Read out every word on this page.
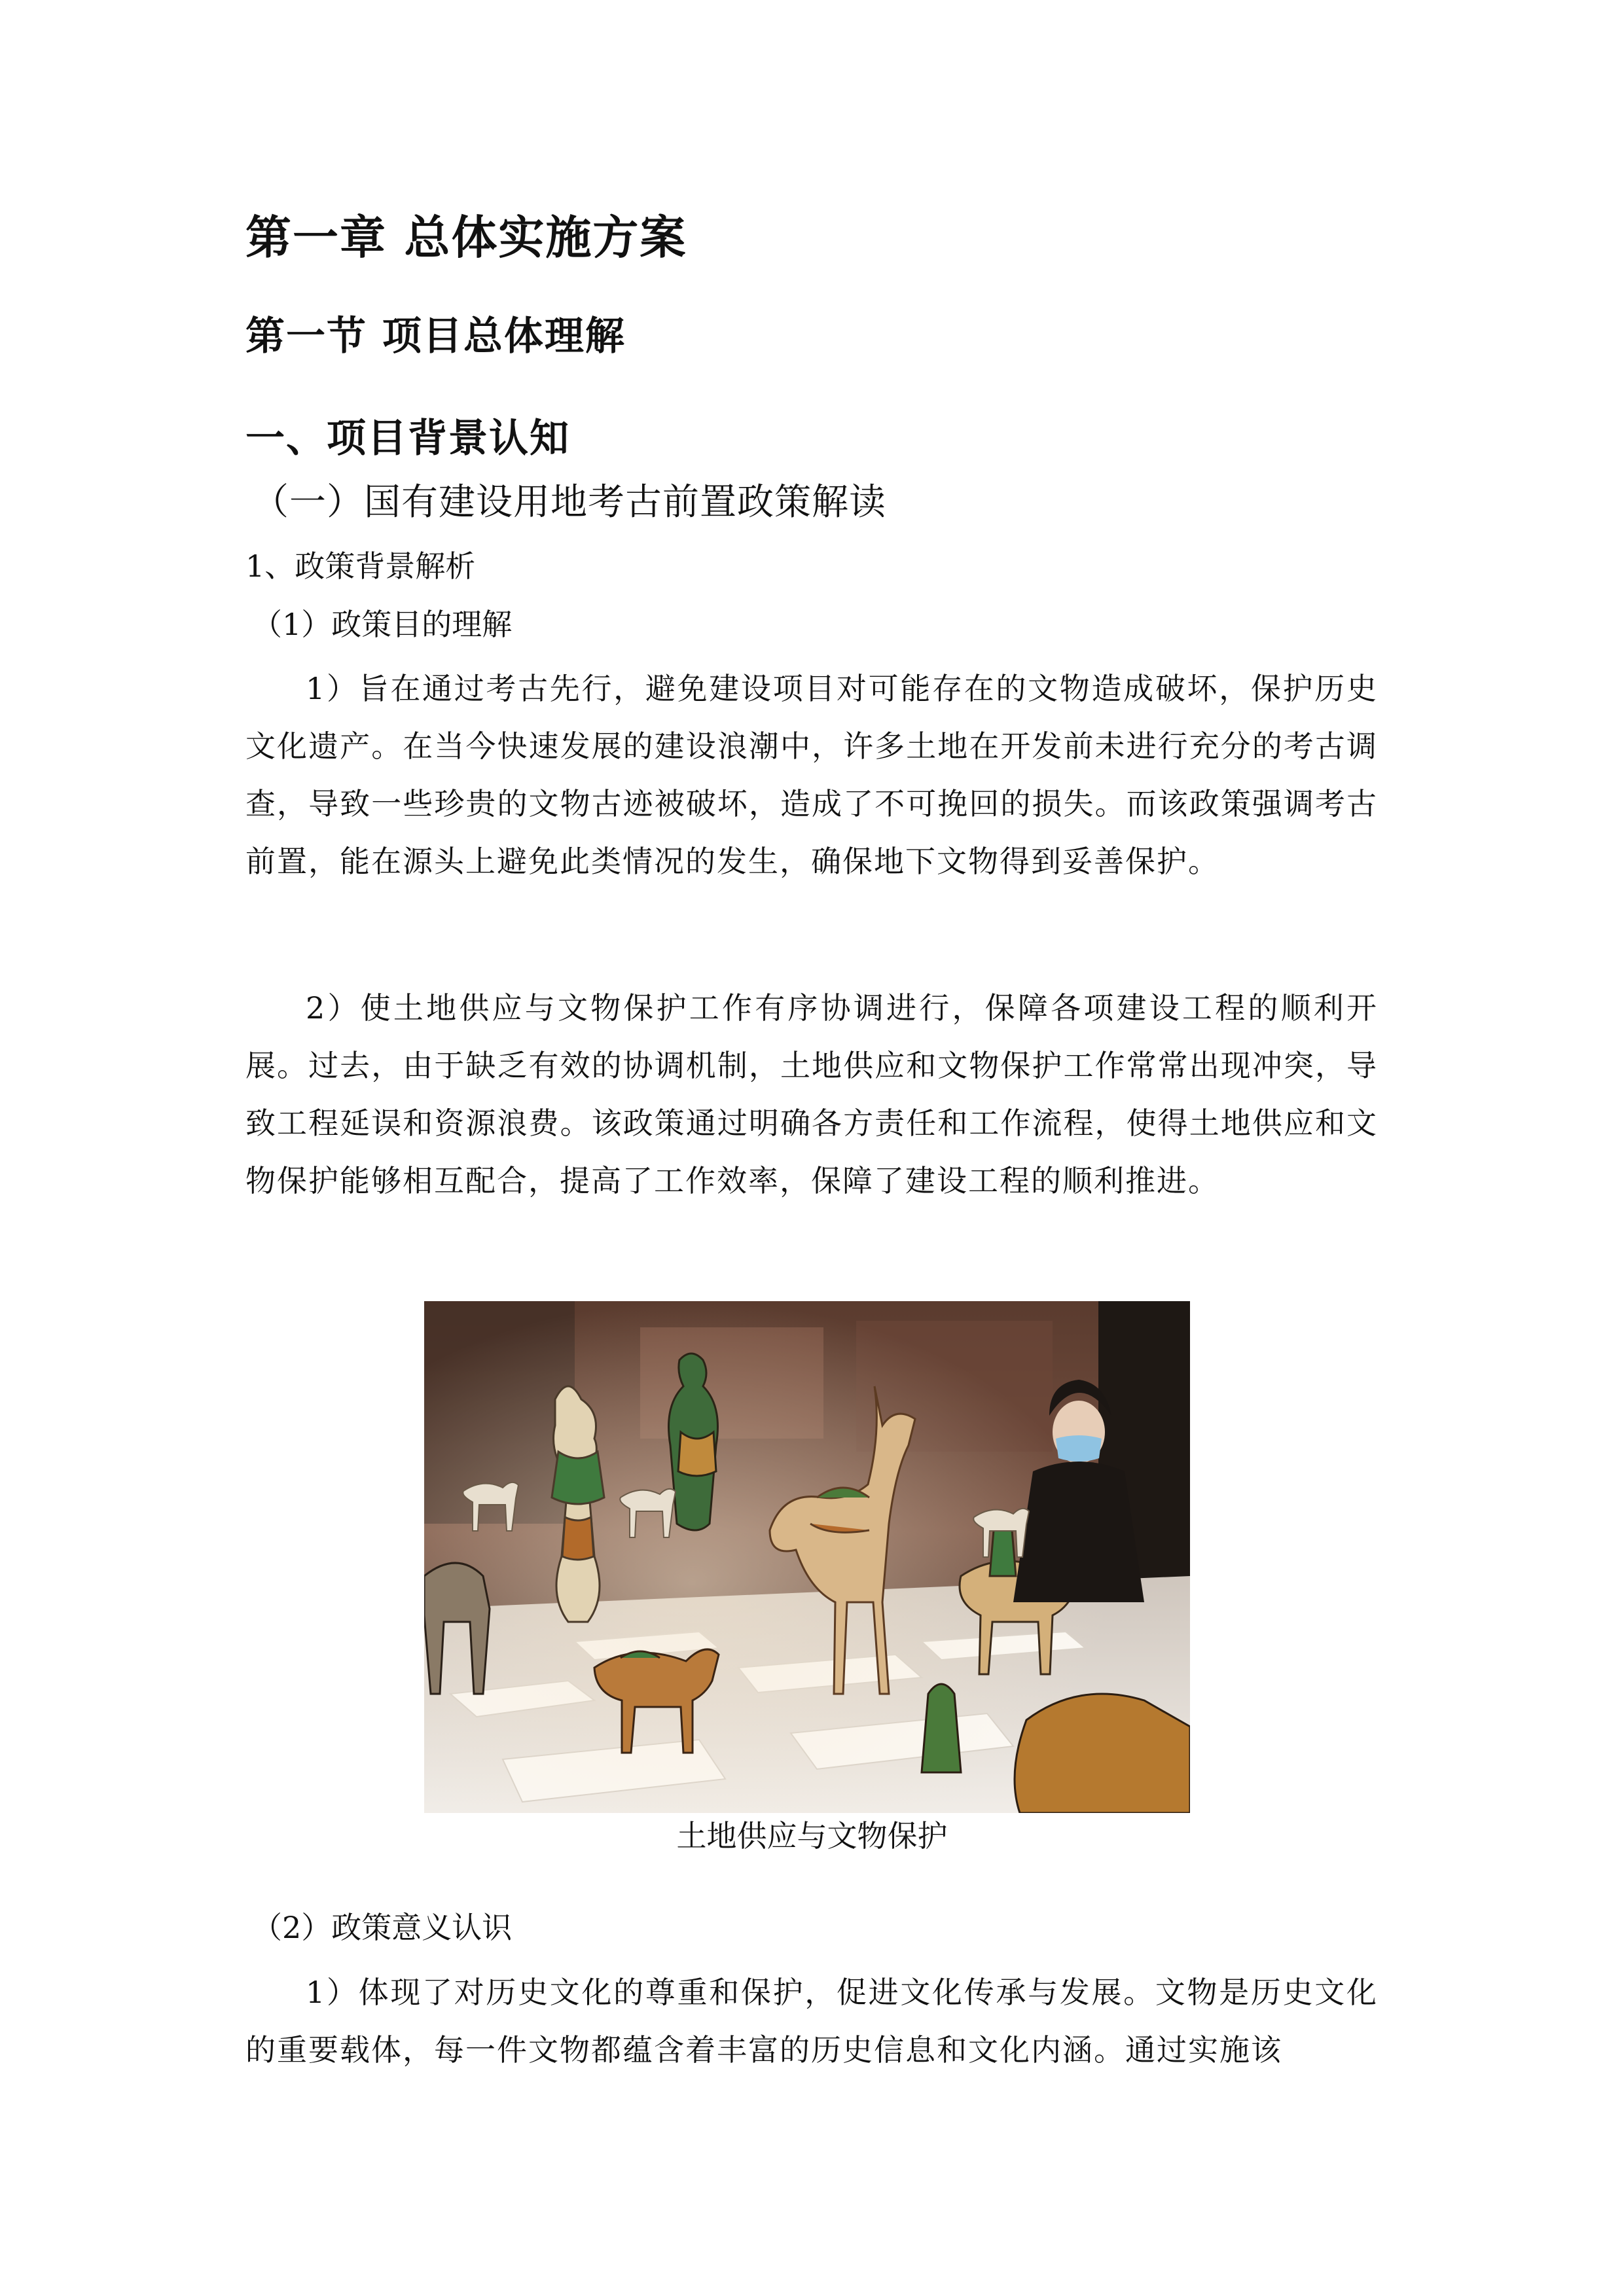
第一章 总体实施方案
第一节 项目总体理解
一、项目背景认知
（一）国有建设用地考古前置政策解读

1、政策背景解析

（1）政策目的理解

1）旨在通过考古先行，避免建设项目对可能存在的文物造成破坏，保护历史文化遗产。在当今快速发展的建设浪潮中，许多土地在开发前未进行充分的考古调查，导致一些珍贵的文物古迹被破坏，造成了不可挽回的损失。而该政策强调考古前置，能在源头上避免此类情况的发生，确保地下文物得到妥善保护。

2）使土地供应与文物保护工作有序协调进行，保障各项建设工程的顺利开展。过去，由于缺乏有效的协调机制，土地供应和文物保护工作常常出现冲突，导致工程延误和资源浪费。该政策通过明确各方责任和工作流程，使得土地供应和文物保护能够相互配合，提高了工作效率，保障了建设工程的顺利推进。

土地供应与文物保护

（2）政策意义认识

1）体现了对历史文化的尊重和保护，促进文化传承与发展。文物是历史文化的重要载体，每一件文物都蕴含着丰富的历史信息和文化内涵。通过实施该
